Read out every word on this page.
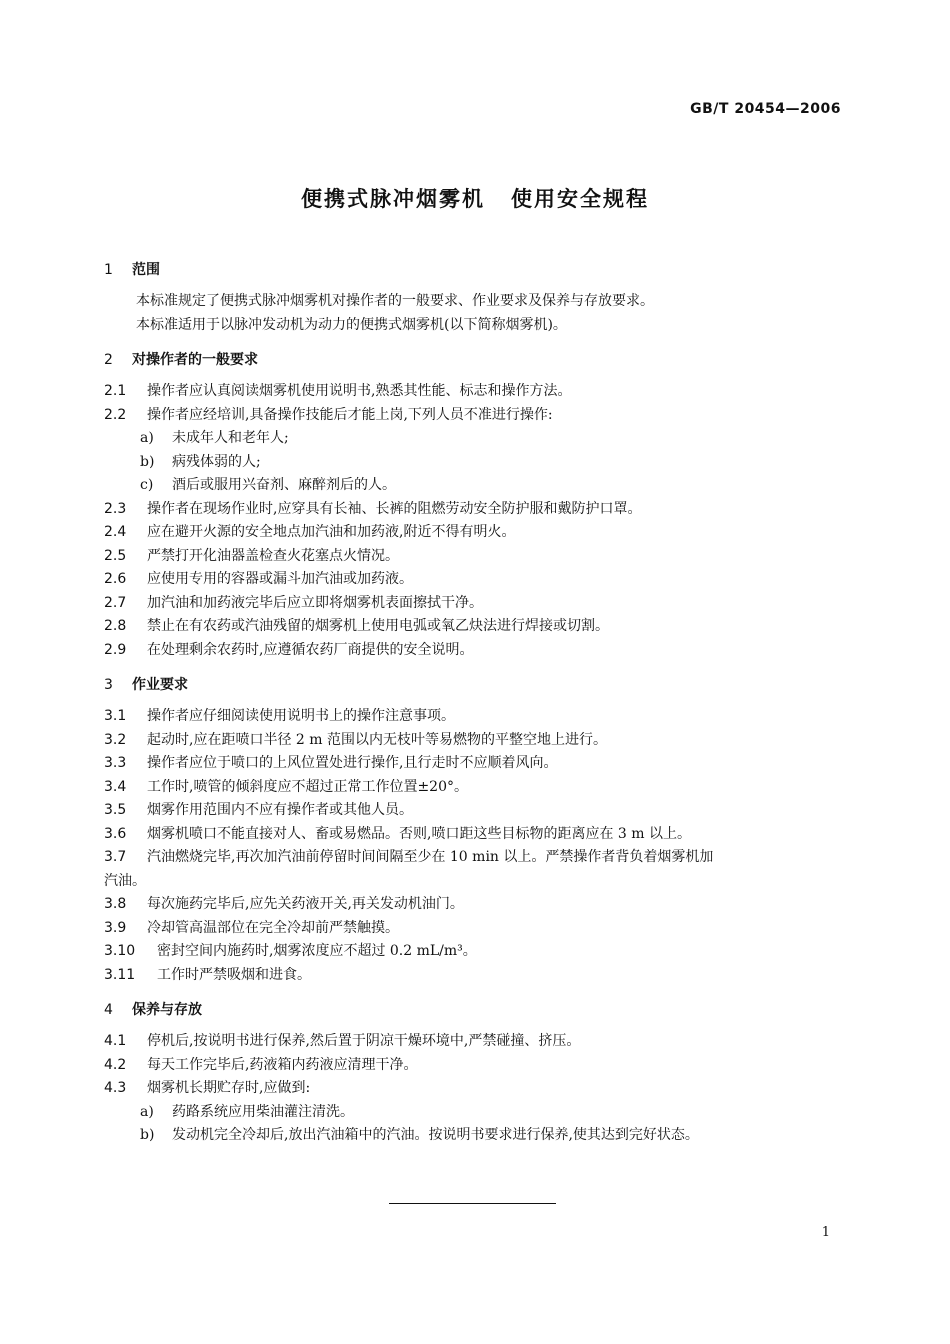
GB/T 20454—2006
便携式脉冲烟雾机 使用安全规程
1 范围
本标准规定了便携式脉冲烟雾机对操作者的一般要求、作业要求及保养与存放要求。
本标准适用于以脉冲发动机为动力的便携式烟雾机(以下简称烟雾机)。
2 对操作者的一般要求
2.1 操作者应认真阅读烟雾机使用说明书,熟悉其性能、标志和操作方法。
2.2 操作者应经培训,具备操作技能后才能上岗,下列人员不准进行操作:
a) 未成年人和老年人;
b) 病残体弱的人;
c) 酒后或服用兴奋剂、麻醉剂后的人。
2.3 操作者在现场作业时,应穿具有长袖、长裤的阻燃劳动安全防护服和戴防护口罩。
2.4 应在避开火源的安全地点加汽油和加药液,附近不得有明火。
2.5 严禁打开化油器盖检查火花塞点火情况。
2.6 应使用专用的容器或漏斗加汽油或加药液。
2.7 加汽油和加药液完毕后应立即将烟雾机表面擦拭干净。
2.8 禁止在有农药或汽油残留的烟雾机上使用电弧或氧乙炔法进行焊接或切割。
2.9 在处理剩余农药时,应遵循农药厂商提供的安全说明。
3 作业要求
3.1 操作者应仔细阅读使用说明书上的操作注意事项。
3.2 起动时,应在距喷口半径 2 m 范围以内无枝叶等易燃物的平整空地上进行。
3.3 操作者应位于喷口的上风位置处进行操作,且行走时不应顺着风向。
3.4 工作时,喷管的倾斜度应不超过正常工作位置±20°。
3.5 烟雾作用范围内不应有操作者或其他人员。
3.6 烟雾机喷口不能直接对人、畜或易燃品。否则,喷口距这些目标物的距离应在 3 m 以上。
3.7 汽油燃烧完毕,再次加汽油前停留时间间隔至少在 10 min 以上。严禁操作者背负着烟雾机加
汽油。
3.8 每次施药完毕后,应先关药液开关,再关发动机油门。
3.9 冷却管高温部位在完全冷却前严禁触摸。
3.10 密封空间内施药时,烟雾浓度应不超过 0.2 mL/m³。
3.11 工作时严禁吸烟和进食。
4 保养与存放
4.1 停机后,按说明书进行保养,然后置于阴凉干燥环境中,严禁碰撞、挤压。
4.2 每天工作完毕后,药液箱内药液应清理干净。
4.3 烟雾机长期贮存时,应做到:
a) 药路系统应用柴油灌注清洗。
b) 发动机完全冷却后,放出汽油箱中的汽油。按说明书要求进行保养,使其达到完好状态。
1
